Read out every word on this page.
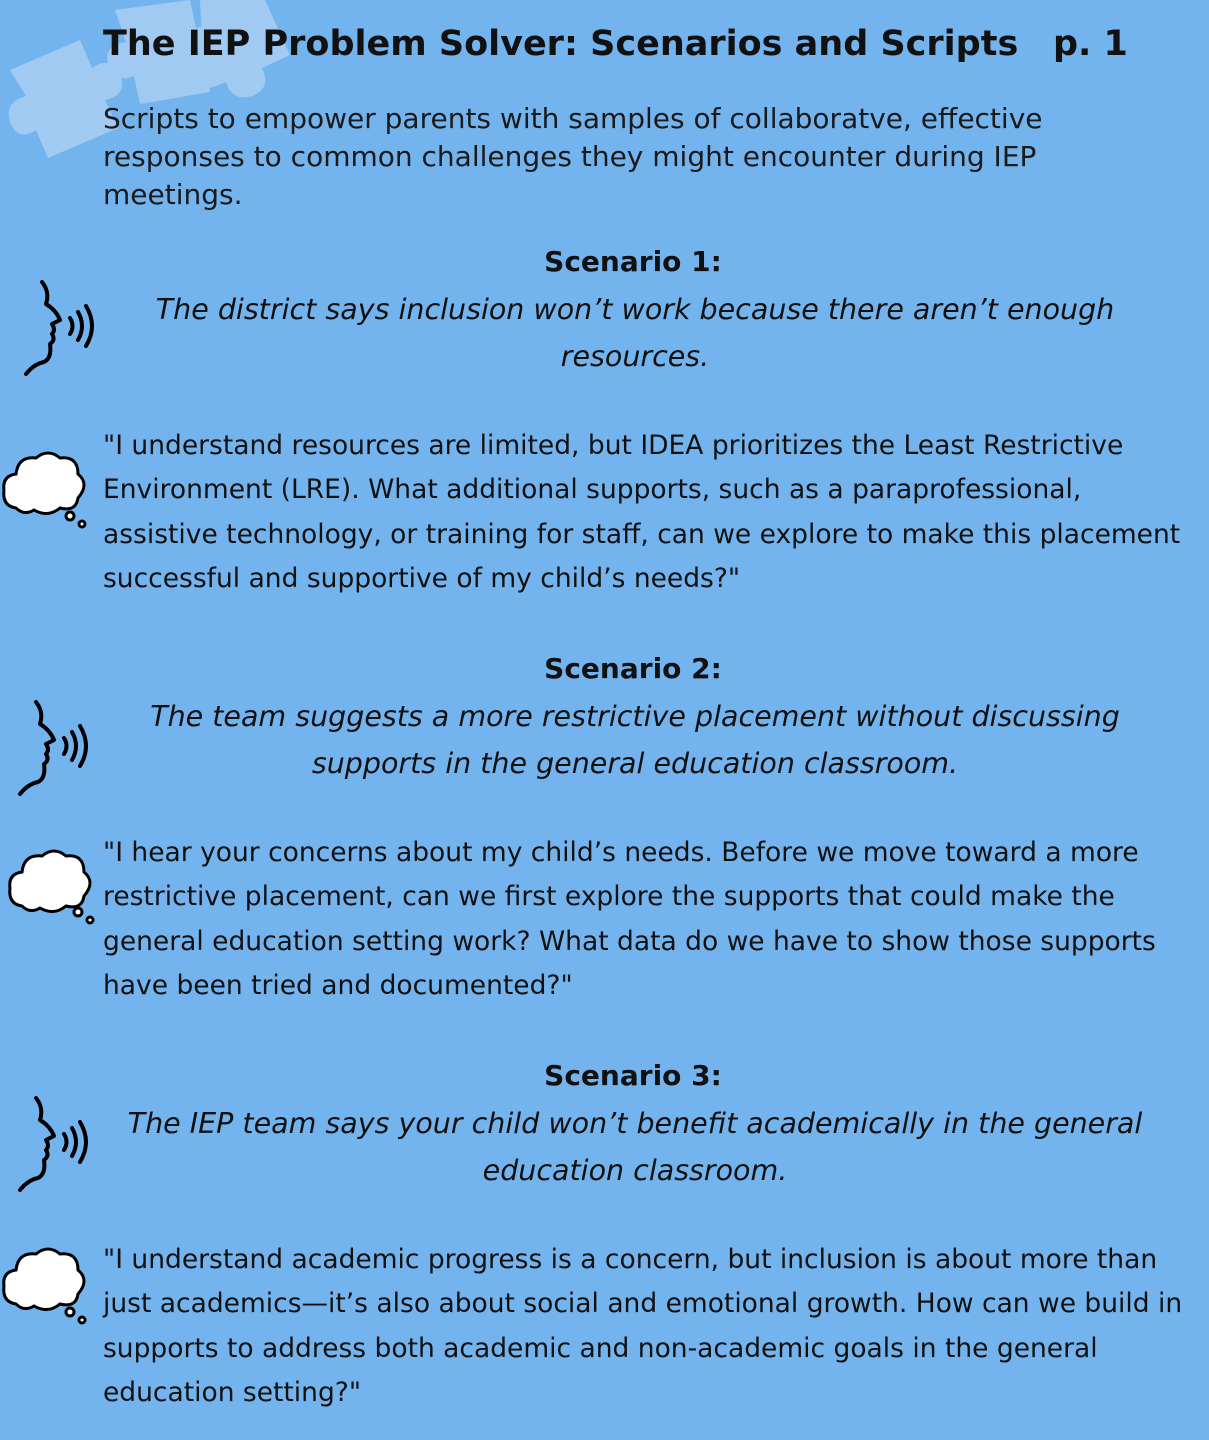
The IEP Problem Solver: Scenarios and Scripts p. 1

Scripts to empower parents with samples of collaboratve, effective responses to common challenges they might encounter during IEP meetings.

Scenario 1:

The district says inclusion won’t work because there aren’t enough resources.

"I understand resources are limited, but IDEA prioritizes the Least Restrictive Environment (LRE). What additional supports, such as a paraprofessional, assistive technology, or training for staff, can we explore to make this placement successful and supportive of my child’s needs?"

Scenario 2:

The team suggests a more restrictive placement without discussing supports in the general education classroom.

"I hear your concerns about my child’s needs. Before we move toward a more restrictive placement, can we first explore the supports that could make the general education setting work? What data do we have to show those supports have been tried and documented?"

Scenario 3:

The IEP team says your child won’t benefit academically in the general education classroom.

"I understand academic progress is a concern, but inclusion is about more than just academics—it’s also about social and emotional growth. How can we build in supports to address both academic and non-academic goals in the general education setting?"
